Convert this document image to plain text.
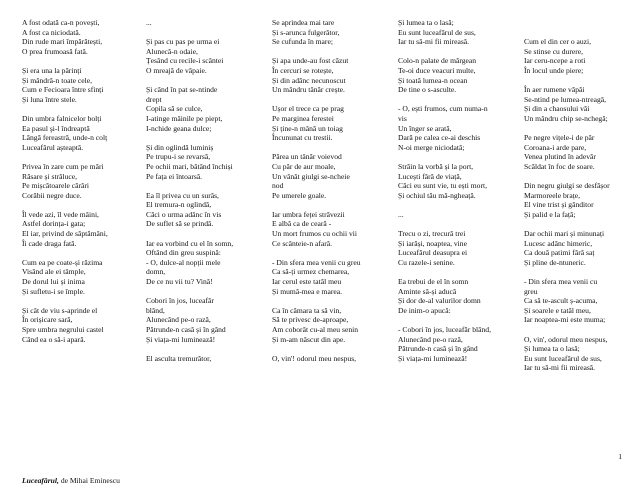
A fost odată ca-n povești,
A fost ca niciodată.
Din rude mari împărătești,
O prea frumoasă fată.
Și era una la părinți
Și mândră-n toate cele,
Cum e Fecioara între sfinți
Și luna între stele.
Din umbra falnicelor bolți
Ea pasul şi-l îndreaptă
Lângă fereastră, unde-n colț
Luceafărul așteaptă.
Privea în zare cum pe mări
Răsare și strălucе,
Pe mișcătoarele cărări
Corăbii negre duce.
Îl vede azi, îl vede mâini,
Astfel dorința-i gata;
El iar, privind de săptămâni,
Îi cade draga fată.
Cum ea pe coate-și răzima
Visând ale ei tâmple,
De dorul lui și inima
Și sufletu-i se împle.
Și cât de viu s-aprinde el
În orișicare sară,
Spre umbra negrului castel
Când ea o să-i apară.
...
Și pas cu pas pe urma ei
Alunecă-n odaie,
Țesând cu recile-i scântei
O mreajă de văpaie.
Și când în pat se-ntinde
drept
Copila să se culce,
I-atinge mâinile pe piept,
I-nchide geana dulce;
Și din oglindă luminiș
Pe trupu-i se revarsă,
Pe ochii mari, bătând închiși
Pe fața ei întoarsă.
Ea îl privea cu un surâs,
El tremura-n oglindă,
Căci o urma adânc în vis
De suflet să se prindă.
Iar ea vorbind cu el în somn,
Oftând din greu suspină:
- O, dulce-al nopții mele
domn,
De ce nu vii tu? Vină!
Cobori în jos, luceafăr
blând,
Alunecând pe-o rază,
Pătrunde-n casă și în gând
Și viața-mi luminează!
El asculta tremurător,
Se aprindea mai tare
Și s-arunca fulgerător,
Se cufunda în mare;
Și apa unde-au fost căzut
În cercuri se rotește,
Și din adânc necunoscut
Un mândru tânăr crește.
Ușor el trece ca pe prag
Pe marginea ferestei
Și ține-n mână un toiag
Încununat cu trestii.
Părea un tânăr voievod
Cu păr de aur moale,
Un vânăt giulgi se-ncheie
nod
Pe umerele goale.
Iar umbra feței străvezii
E albă ca de ceară -
Un mort frumos cu ochii vii
Ce scânteie-n afară.
- Din sfera mea venii cu greu
Ca să-ți urmez chemarea,
Iar cerul este tatăl meu
Și mumă-mea e marea.
Ca în cămara ta să vin,
Să te privesc de-aproape,
Am coborât cu-al meu senin
Și m-am născut din ape.
O, vin'! odorul meu nespus,
Și lumea ta o lasă;
Eu sunt luceafărul de sus,
Iar tu să-mi fii mireasă.
Colo-n palate de mărgean
Te-oi duce veacuri multe,
Și toată lumea-n ocean
De tine o s-asculte.
- O, ești frumos, cum numa-n
vis
Un înger se arată,
Dară pe calea ce-ai deschis
N-oi merge niciodată;
Străin la vorbă și la port,
Lucești fără de viață,
Căci eu sunt vie, tu ești mort,
Și ochiul tău mă-ngheață.
...
Trecu o zi, trecură trei
Și iarăși, noaptea, vine
Luceafărul deasupra ei
Cu razele-i senine.
Ea trebui de el în somn
Aminte să-și aducă
Și dor de-al valurilor domn
De inim-o apucă:
- Cobori în jos, luceafăr blând,
Alunecând pe-o rază,
Pătrunde-n casă și în gând
Și viața-mi luminează!
Cum el din cer o auzi,
Se stinse cu durere,
Iar ceru-ncepe a roti
În locul unde piere;
În aer rumene văpăi
Se-ntind pe lumea-ntreagă,
Și din a chaosului văi
Un mândru chip se-nchegă;
Pe negre vițele-i de păr
Coroana-i arde pare,
Venea plutind în adevăr
Scăldat în foc de soare.
Din negru giulgi se desfășor
Marmoreele brațe,
El vine trist și gânditor
Și palid e la față;
Dar ochii mari și minunați
Lucesc adânc himeric,
Ca două patimi fără saț
Și pline de-ntuneric.
- Din sfera mea venii cu
greu
Ca să te-ascult ș-acuma,
Și soarele e tatăl meu,
Iar noaptea-mi este muma;
O, vin', odorul meu nespus,
Și lumea ta o lasă;
Eu sunt luceafărul de sus,
Iar tu să-mi fii mireasă.
1
Luceafărul, de Mihai Eminescu
